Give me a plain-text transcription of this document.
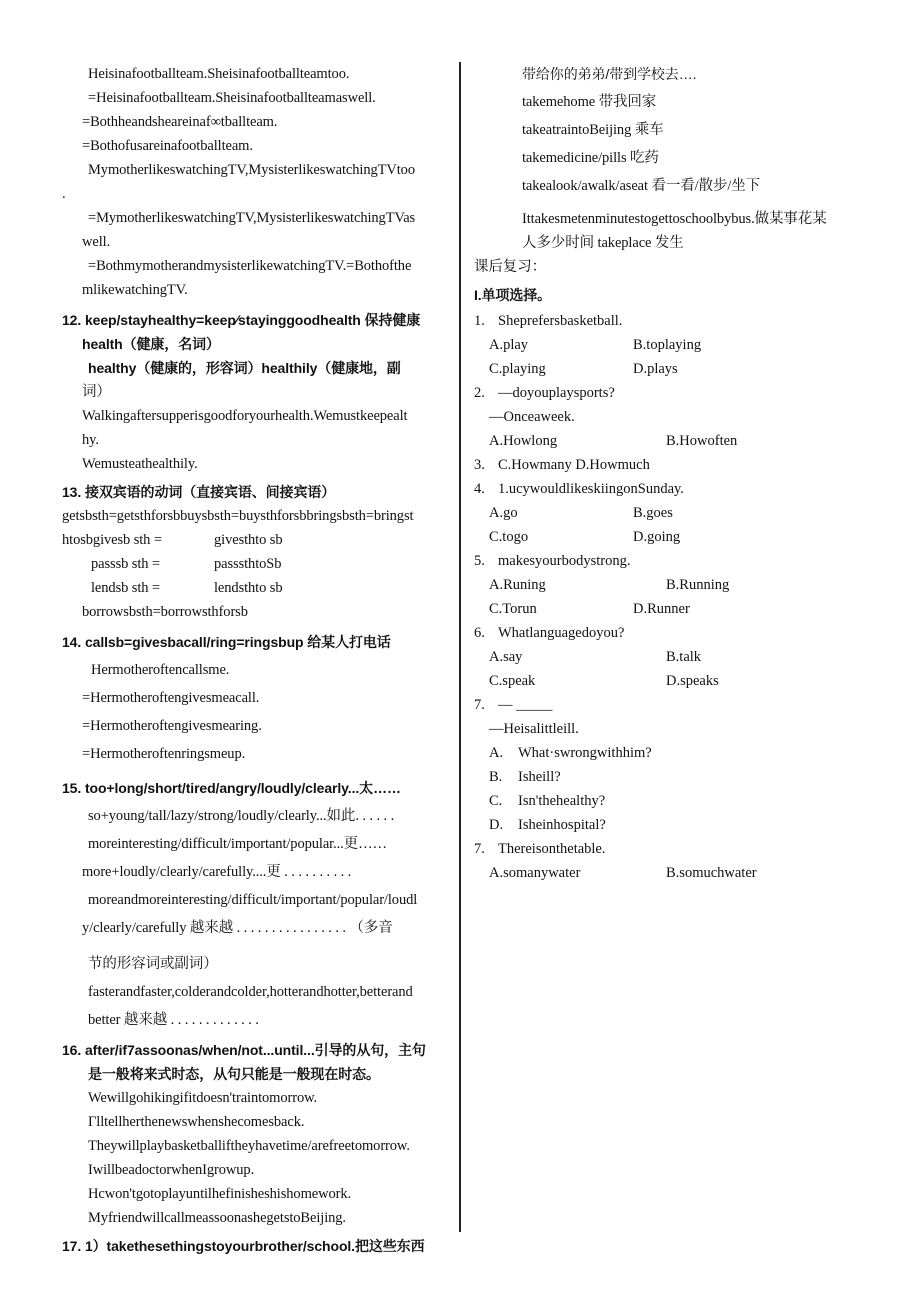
Heisinafootballteam.Sheisinafootballteamtoo.
=Heisinafootballteam.Sheisinafootballteamaswell.
=Bothheandsheareinaf∞tballteam.
=Bothofusareinafootballteam.
MymotherlikeswatchingTV,MysisterlikeswatchingTVtoo
.
=MymotherlikeswatchingTV,MysisterlikeswatchingTVas
well.
=BothmymotherandmysisterlikewatchingTV.=Bothofthe
mlikewatchingTV.
12. keep/stayhealthy=keep∕stayinggoodhealth 保持健康
health（健康，名词）
healthy（健康的，形容词）healthily（健康地，副
词）
Walkingaftersupperisgoodforyourhealth.Wemustkeepealt
hy.
Wemusteathealthily.
13. 接双宾语的动词（直接宾语、间接宾语）
getsbsth=getsthforsbbuysbsth=buysthforsbbringsbsth=bringst
htosbgivesb sth =	givesthto sb
passsb sth =	passsthtoSb
lendsb sth =	lendsthto sb
borrowsbsth=borrowsthforsb
14. callsb=givesbacall/ring=ringsbup 给某人打电话
Hermotheroftencallsme.
=Hermotheroftengivesmeacall.
=Hermotheroftengivesmearing.
=Hermotheroftenringsmeup.
15. too+long/short/tired/angry/loudly/clearly...太……
so+young/tall/lazy/strong/loudly/clearly...如此. . . . . .
moreinteresting/difficult/important/popular...更……
more+loudly/clearly/carefully....更 . . . . . . . . . .
moreandmoreinteresting/difficult/important/popular/loudl
y/clearly/carefully 越来越 . . . . . . . . . . . . . . . . （多音
节的形容词或副词）
fasterandfaster,colderandcolder,hotterandhotter,betterand
better 越来越 . . . . . . . . . . . . .
16. after/if7assoonas/when/not...until...引导的从句，主句
是一般将来式时态，从句只能是一般现在时态。
Wewillgohikingifitdoesn'traintomorrow.
Γlltellherthenewswhenshecomesback.
Theywillplaybasketballiftheyhavetime/arefreetomorrow.
IwillbeadoctorwhenIgrowup.
Hcwon'tgotoplayuntilhefinisheshishomework.
MyfriendwillcallmeassoonashegetstoBeijing.
17. 1）takethesethingstoyourbrother/school.把这些东西
带给你的弟弟/带到学校去….
takemehome 带我回家
takeatraintoBeijing 乘车
takemedicine/pills 吃药
takealook/awalk/aseat 看一看/散步/坐下
Ittakesmetenminutestogettoschoolbybus.做某事花某
人多少时间 takeplace 发生
课后复习：
I.单项选择。
1. Sheprefersbasketball.
A.play	B.toplaying
C.playing	D.plays
2. —doyouplaysports?
—Onceaweek.
A.Howlong	B.Howoften
3. C.Howmany D.Howmuch
4. 1.ucywouldlikeskiingonSunday.
A.go	B.goes
C.togo	D.going
5. makesyourbodystrong.
A.Runing	B.Running
C.Torun	D.Runner
6. Whatlanguagedoyou?
A.say	B.talk
C.speak	D.speaks
7. — _____
—Heisalittleill.
A. What·swrongwithhim?
B. Isheill?
C. Isn'thehealthy?
D. Isheinhospital?
7. Thereisonthetable.
A.somanywater	B.somuchwater
